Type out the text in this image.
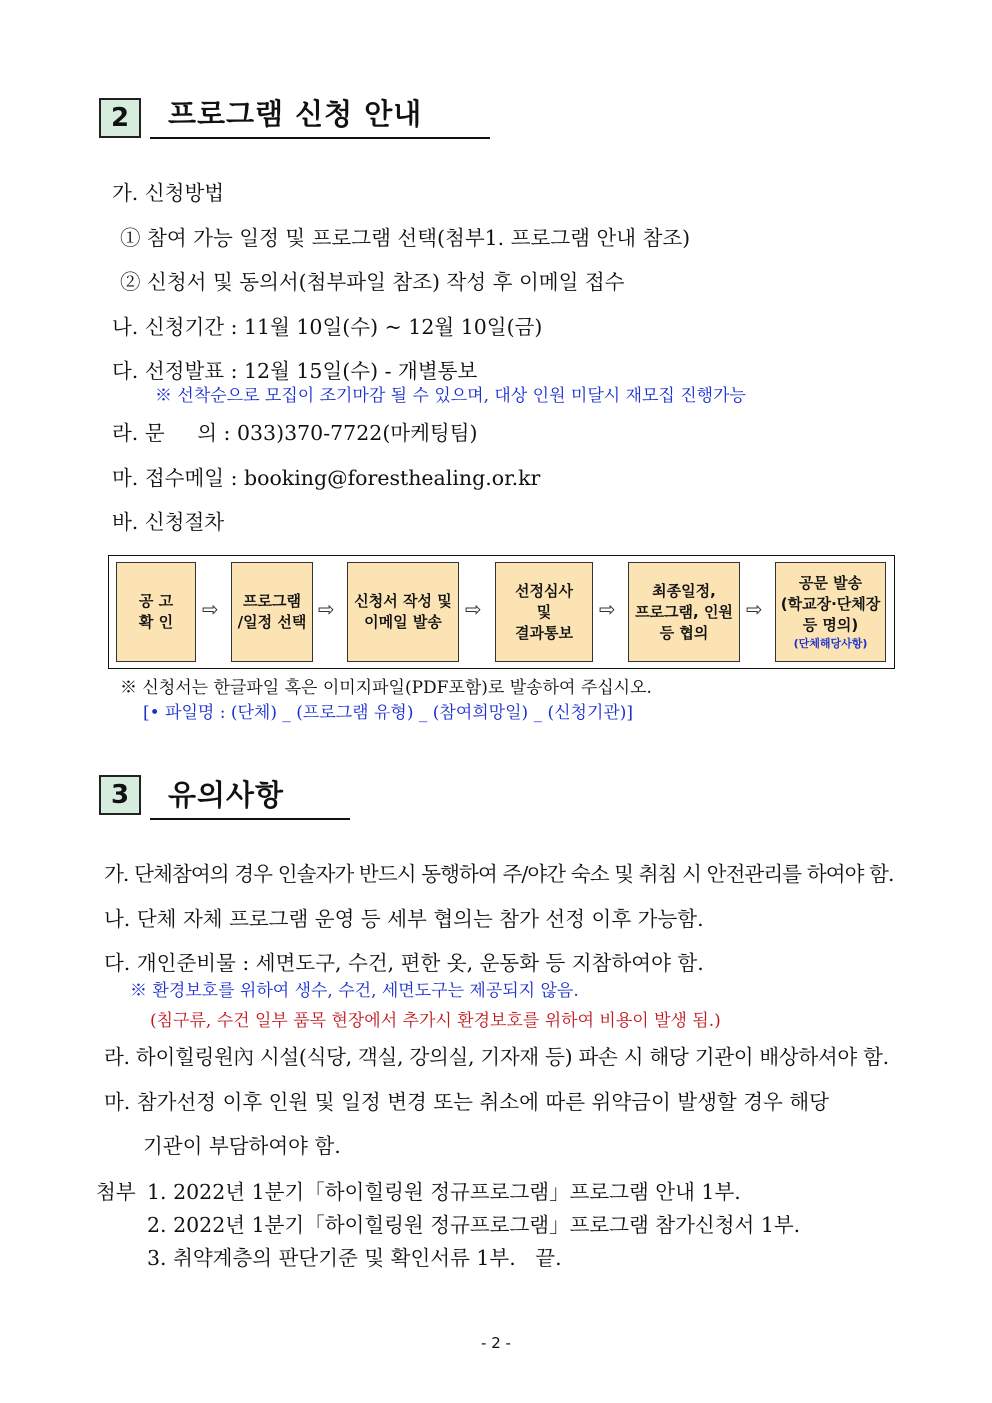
2	프로그램 신청 안내
가. 신청방법
① 참여 가능 일정 및 프로그램 선택(첨부1. 프로그램 안내 참조)
② 신청서 및 동의서(첨부파일 참조) 작성 후 이메일 접수
나. 신청기간 : 11월 10일(수) ~ 12월 10일(금)
다. 선정발표 : 12월 15일(수) - 개별통보
※ 선착순으로 모집이 조기마감 될 수 있으며, 대상 인원 미달시 재모집 진행가능
라. 문     의 : 033)370-7722(마케팅팀)
마. 접수메일 : booking@foresthealing.or.kr
바. 신청절차
공 고
확 인
⇨ 프로그램
/일정 선택
⇨ 신청서 작성 및
이메일 발송
⇨
선정심사
및
결과통보
⇨
최종일정,
프로그램, 인원
등 협의
⇨
공문 발송
(학교장·단체장
등 명의)
(단체해당사항)
※ 신청서는 한글파일 혹은 이미지파일(PDF포함)로 발송하여 주십시오.
[• 파일명 : (단체) _ (프로그램 유형) _ (참여희망일) _ (신청기관)]
3	유의사항
가. 단체참여의 경우 인솔자가 반드시 동행하여 주/야간 숙소 및 취침 시 안전관리를 하여야 함.
나. 단체 자체 프로그램 운영 등 세부 협의는 참가 선정 이후 가능함.
다. 개인준비물 : 세면도구, 수건, 편한 옷, 운동화 등 지참하여야 함.
※ 환경보호를 위하여 생수, 수건, 세면도구는 제공되지 않음.
(침구류, 수건 일부 품목 현장에서 추가시 환경보호를 위하여 비용이 발생 됨.)
라. 하이힐링원內 시설(식당, 객실, 강의실, 기자재 등) 파손 시 해당 기관이 배상하셔야 함.
마. 참가선정 이후 인원 및 일정 변경 또는 취소에 따른 위약금이 발생할 경우 해당
기관이 부담하여야 함.
첨부 1. 2022년 1분기「하이힐링원 정규프로그램」프로그램 안내 1부.
2. 2022년 1분기「하이힐링원 정규프로그램」프로그램 참가신청서 1부.
3. 취약계층의 판단기준 및 확인서류 1부.   끝.
- 2 -
